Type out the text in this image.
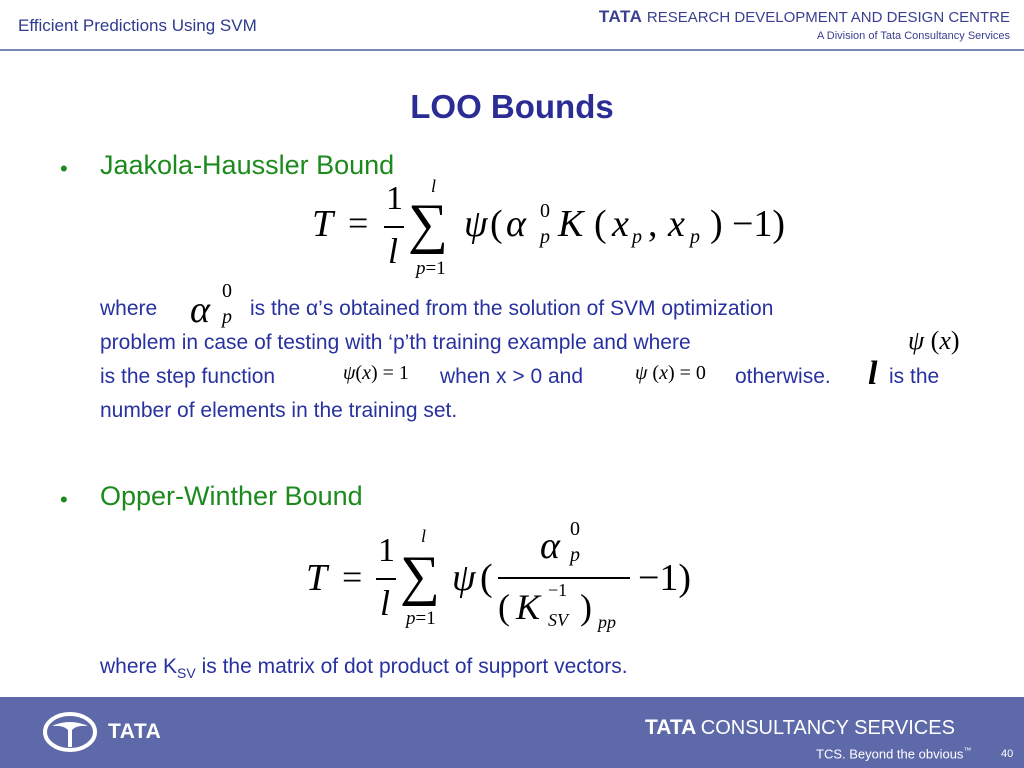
Efficient Predictions Using SVM	TATA RESEARCH DEVELOPMENT AND DESIGN CENTRE
A Division of Tata Consultancy Services
LOO Bounds
• Jaakola-Haussler Bound
T =
1
l
l
∑
p=1
ψ ( α 0
p K ( x p , x p ) −1)
where α 0
p is the α’s obtained from the solution of SVM optimization
problem in case of testing with ‘p’th training example and where	ψ (x)
is the step function	ψ(x) = 1 when x > 0 and	ψ (x) = 0 otherwise. l is the
number of elements in the training set.
• Opper-Winther Bound
T =
1
l
l
∑
p=1
ψ (
α 0
p
( K −1
SV ) pp
−1)
where $K_{SV}$ is the matrix of dot product of support vectors.
TATA	TATA CONSULTANCY SERVICES
TCS. Beyond the obvious™	40
